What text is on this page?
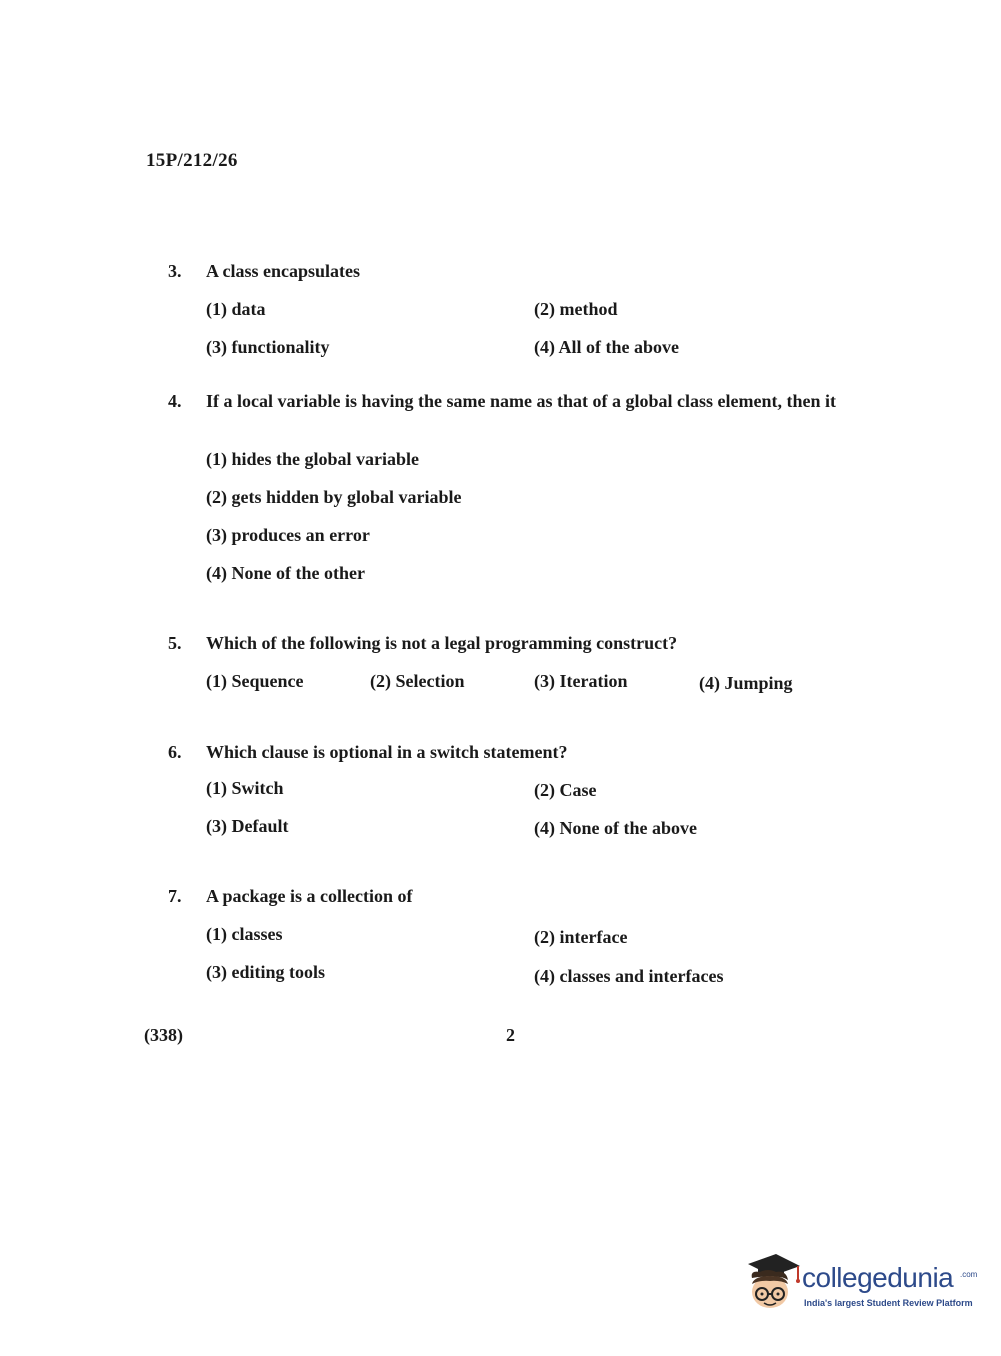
15P/212/26
3. A class encapsulates
(1) data	(2) method
(3) functionality	(4) All of the above
4. If a local variable is having the same name as that of a global class element, then it
(1) hides the global variable
(2) gets hidden by global variable
(3) produces an error
(4) None of the other
5. Which of the following is not a legal programming construct?
(1) Sequence	(2) Selection	(3) Iteration	(4) Jumping
6. Which clause is optional in a switch statement?
(1) Switch	(2) Case
(3) Default	(4) None of the above
7. A package is a collection of
(1) classes	(2) interface
(3) editing tools	(4) classes and interfaces
(338)	2
collegedunia .com
India's largest Student Review Platform
